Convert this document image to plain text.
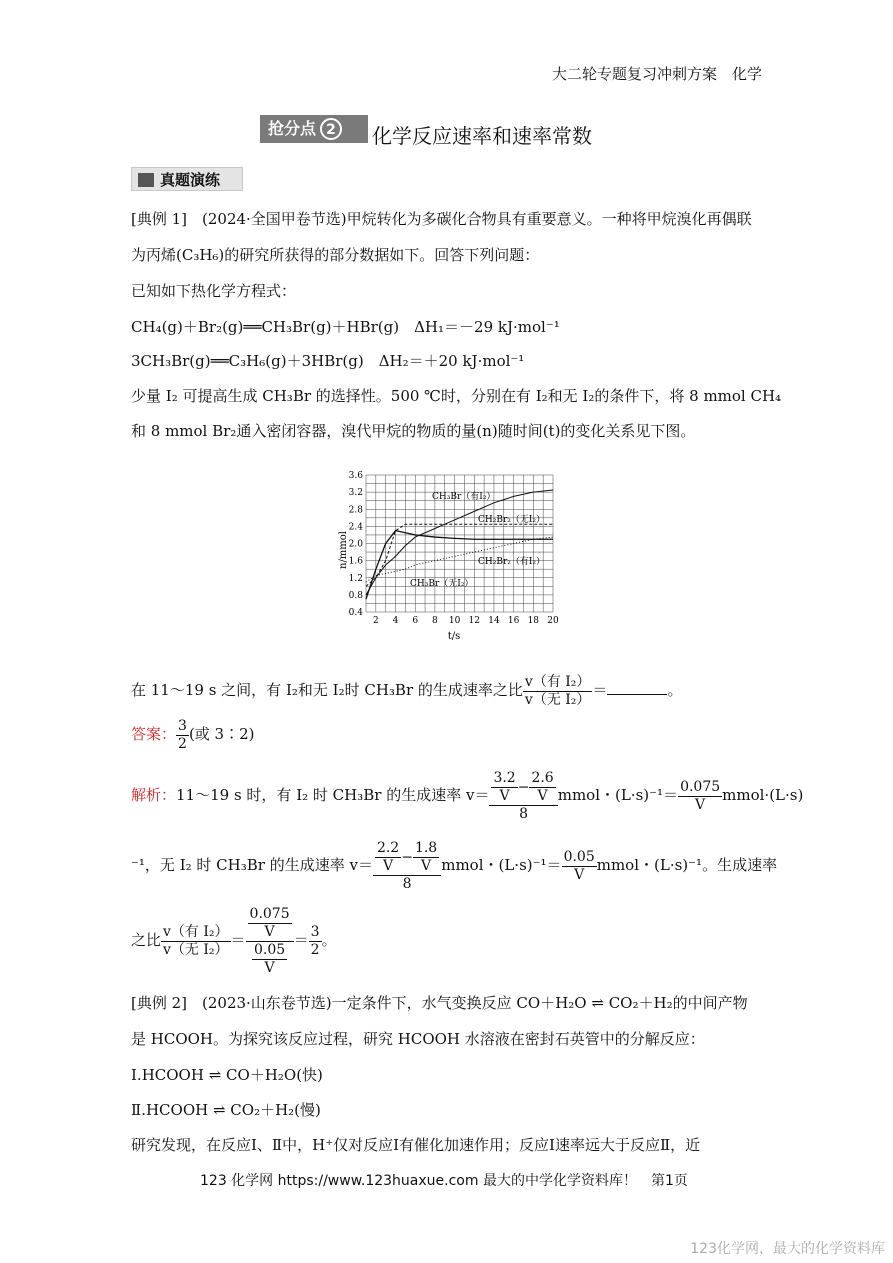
大二轮专题复习冲刺方案　化学
抢分点 2	化学反应速率和速率常数
真题演练
[典例 1]　(2024·全国甲卷节选)甲烷转化为多碳化合物具有重要意义。一种将甲烷溴化再偶联
为丙烯(C₃H₆)的研究所获得的部分数据如下。回答下列问题：
已知如下热化学方程式：
CH₄(g)＋Br₂(g)══CH₃Br(g)＋HBr(g)　ΔH₁＝－29 kJ·mol⁻¹
3CH₃Br(g)══C₃H₆(g)＋3HBr(g)　ΔH₂＝＋20 kJ·mol⁻¹
少量 I₂ 可提高生成 CH₃Br 的选择性。500 ℃时，分别在有 I₂和无 I₂的条件下，将 8 mmol CH₄
和 8 mmol Br₂通入密闭容器，溴代甲烷的物质的量(n)随时间(t)的变化关系见下图。
2 4 6 8 10 12 14 16 18 20
0.4
0.8
1.2
1.6
2.0
2.4
2.8
3.2
3.6
n/mmol
t/s
CH₃Br（有I₂）
CH₂Br₂（无I₂）
CH₂Br₂（有I₂）
CH₃Br（无I₂）
在 11～19 s 之间，有 I₂和无 I₂时 CH₃Br 的生成速率之比 $\frac{\text{v（有 I₂）}}{\text{v（无 I₂）}}$ ＝	。
答案： $\frac{3}{2}$ (或 3∶2)
解析：11～19 s 时，有 I₂ 时 CH₃Br 的生成速率 $v= \frac{\frac{3.2}{V} - \frac{2.6}{V}}{8}$ mmol・$(L\cdot s)^{-1}= \frac{0.075}{V}$ mmol·(L·s)
⁻¹，无 I₂ 时 CH₃Br 的生成速率 $v= \frac{\frac{2.2}{V} - \frac{1.8}{V}}{8}$ mmol・$(L\cdot s)^{-1}= \frac{0.05}{V}$ mmol・(L·s)⁻¹。生成速率
之比 $\frac{\text{v（有 I₂）}}{\text{v（无 I₂）}} = \frac{\frac{0.075}{V}}{\frac{0.05}{V}} = \frac{3}{2}$ 。
[典例 2]　(2023·山东卷节选)一定条件下，水气变换反应 CO＋H₂O ⇌ CO₂＋H₂的中间产物
是 HCOOH。为探究该反应过程，研究 HCOOH 水溶液在密封石英管中的分解反应：
Ⅰ.HCOOH ⇌ CO＋H₂O(快)
Ⅱ.HCOOH ⇌ CO₂＋H₂(慢)
研究发现，在反应Ⅰ、Ⅱ中，H⁺仅对反应Ⅰ有催化加速作用；反应Ⅰ速率远大于反应Ⅱ，近
123 化学网 https://www.123huaxue.com 最大的中学化学资料库！　第1页
123化学网，最大的化学资料库
